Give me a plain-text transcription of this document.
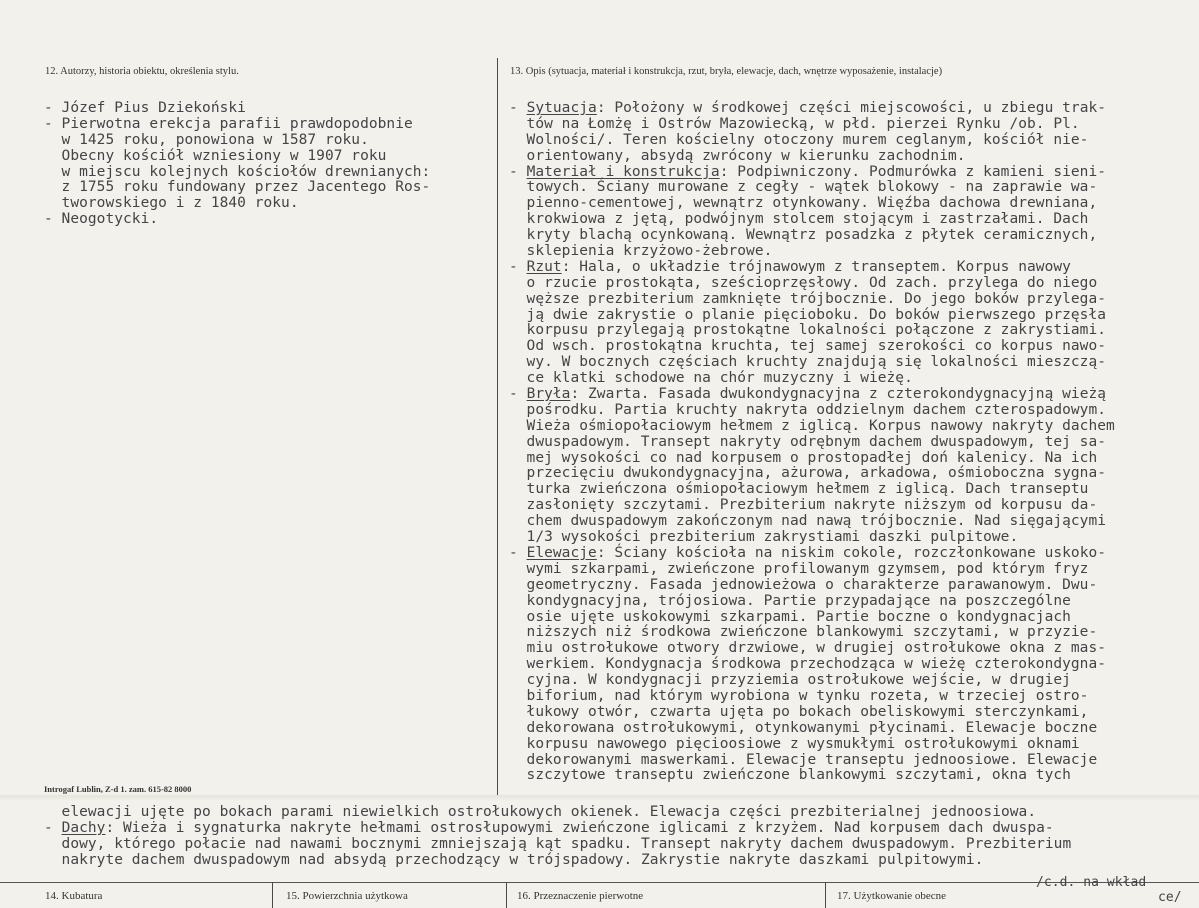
12. Autorzy, historia obiektu, określenia stylu.
- Józef Pius Dziekoński
- Pierwotna erekcja parafii prawdopodobnie
w 1425 roku, ponowiona w 1587 roku.
Obecny kościół wzniesiony w 1907 roku
w miejscu kolejnych kościołów drewnianych:
z 1755 roku fundowany przez Jacentego Ros-
tworowskiego i z 1840 roku.
- Neogotycki.
13. Opis (sytuacja, materiał i konstrukcja, rzut, bryła, elewacje, dach, wnętrze wyposażenie, instalacje)
- Sytuacja: Położony w środkowej części miejscowości, u zbiegu trak-
tów na Łomżę i Ostrów Mazowiecką, w płd. pierzei Rynku /ob. Pl.
Wolności/. Teren kościelny otoczony murem ceglanym, kościół nie-
orientowany, absydą zwrócony w kierunku zachodnim.
- Materiał i konstrukcja: Podpiwniczony. Podmurówka z kamieni sieni-
towych. Ściany murowane z cegły - wątek blokowy - na zaprawie wa-
pienno-cementowej, wewnątrz otynkowany. Więźba dachowa drewniana,
krokwiowa z jętą, podwójnym stolcem stojącym i zastrzałami. Dach
kryty blachą ocynkowaną. Wewnątrz posadzka z płytek ceramicznych,
sklepienia krzyżowo-żebrowe.
- Rzut: Hala, o układzie trójnawowym z transeptem. Korpus nawowy
o rzucie prostokąta, sześcioprzęsłowy. Od zach. przylega do niego
węższe prezbiterium zamknięte trójbocznie. Do jego boków przylega-
ją dwie zakrystie o planie pięcioboku. Do boków pierwszego przęsła
korpusu przylegają prostokątne lokalności połączone z zakrystiami.
Od wsch. prostokątna kruchta, tej samej szerokości co korpus nawo-
wy. W bocznych częściach kruchty znajdują się lokalności mieszczą-
ce klatki schodowe na chór muzyczny i wieżę.
- Bryła: Zwarta. Fasada dwukondygnacyjna z czterokondygnacyjną wieżą
pośrodku. Partia kruchty nakryta oddzielnym dachem czterospadowym.
Wieża ośmiopołaciowym hełmem z iglicą. Korpus nawowy nakryty dachem
dwuspadowym. Transept nakryty odrębnym dachem dwuspadowym, tej sa-
mej wysokości co nad korpusem o prostopadłej doń kalenicy. Na ich
przecięciu dwukondygnacyjna, ażurowa, arkadowa, ośmioboczna sygna-
turka zwieńczona ośmiopołaciowym hełmem z iglicą. Dach transeptu
zasłonięty szczytami. Prezbiterium nakryte niższym od korpusu da-
chem dwuspadowym zakończonym nad nawą trójbocznie. Nad sięgającymi
1/3 wysokości prezbiterium zakrystiami daszki pulpitowe.
- Elewacje: Ściany kościoła na niskim cokole, rozczłonkowane uskoko-
wymi szkarpami, zwieńczone profilowanym gzymsem, pod którym fryz
geometryczny. Fasada jednowieżowa o charakterze parawanowym. Dwu-
kondygnacyjna, trójosiowa. Partie przypadające na poszczególne
osie ujęte uskokowymi szkarpami. Partie boczne o kondygnacjach
niższych niż środkowa zwieńczone blankowymi szczytami, w przyzie-
miu ostrołukowe otwory drzwiowe, w drugiej ostrołukowe okna z mas-
werkiem. Kondygnacja środkowa przechodząca w wieżę czterokondygna-
cyjna. W kondygnacji przyziemia ostrołukowe wejście, w drugiej
biforium, nad którym wyrobiona w tynku rozeta, w trzeciej ostro-
łukowy otwór, czwarta ujęta po bokach obeliskowymi sterczynkami,
dekorowana ostrołukowymi, otynkowanymi płycinami. Elewacje boczne
korpusu nawowego pięcioosiowe z wysmukłymi ostrołukowymi oknami
dekorowanymi maswerkami. Elewacje transeptu jednoosiowe. Elewacje
szczytowe transeptu zwieńczone blankowymi szczytami, okna tych
Introgaf Lublin, Z-d 1. zam. 615-82 8000
elewacji ujęte po bokach parami niewielkich ostrołukowych okienek. Elewacja części prezbiterialnej jednoosiowa.
- Dachy: Wieża i sygnaturka nakryte hełmami ostrosłupowymi zwieńczone iglicami z krzyżem. Nad korpusem dach dwuspa-
dowy, którego połacie nad nawami bocznymi zmniejszają kąt spadku. Transept nakryty dachem dwuspadowym. Prezbiterium
nakryte dachem dwuspadowym nad absydą przechodzący w trójspadowy. Zakrystie nakryte daszkami pulpitowymi.
/c.d. na wkład
ce/
14. Kubatura	15. Powierzchnia użytkowa	16. Przeznaczenie pierwotne	17. Użytkowanie obecne
